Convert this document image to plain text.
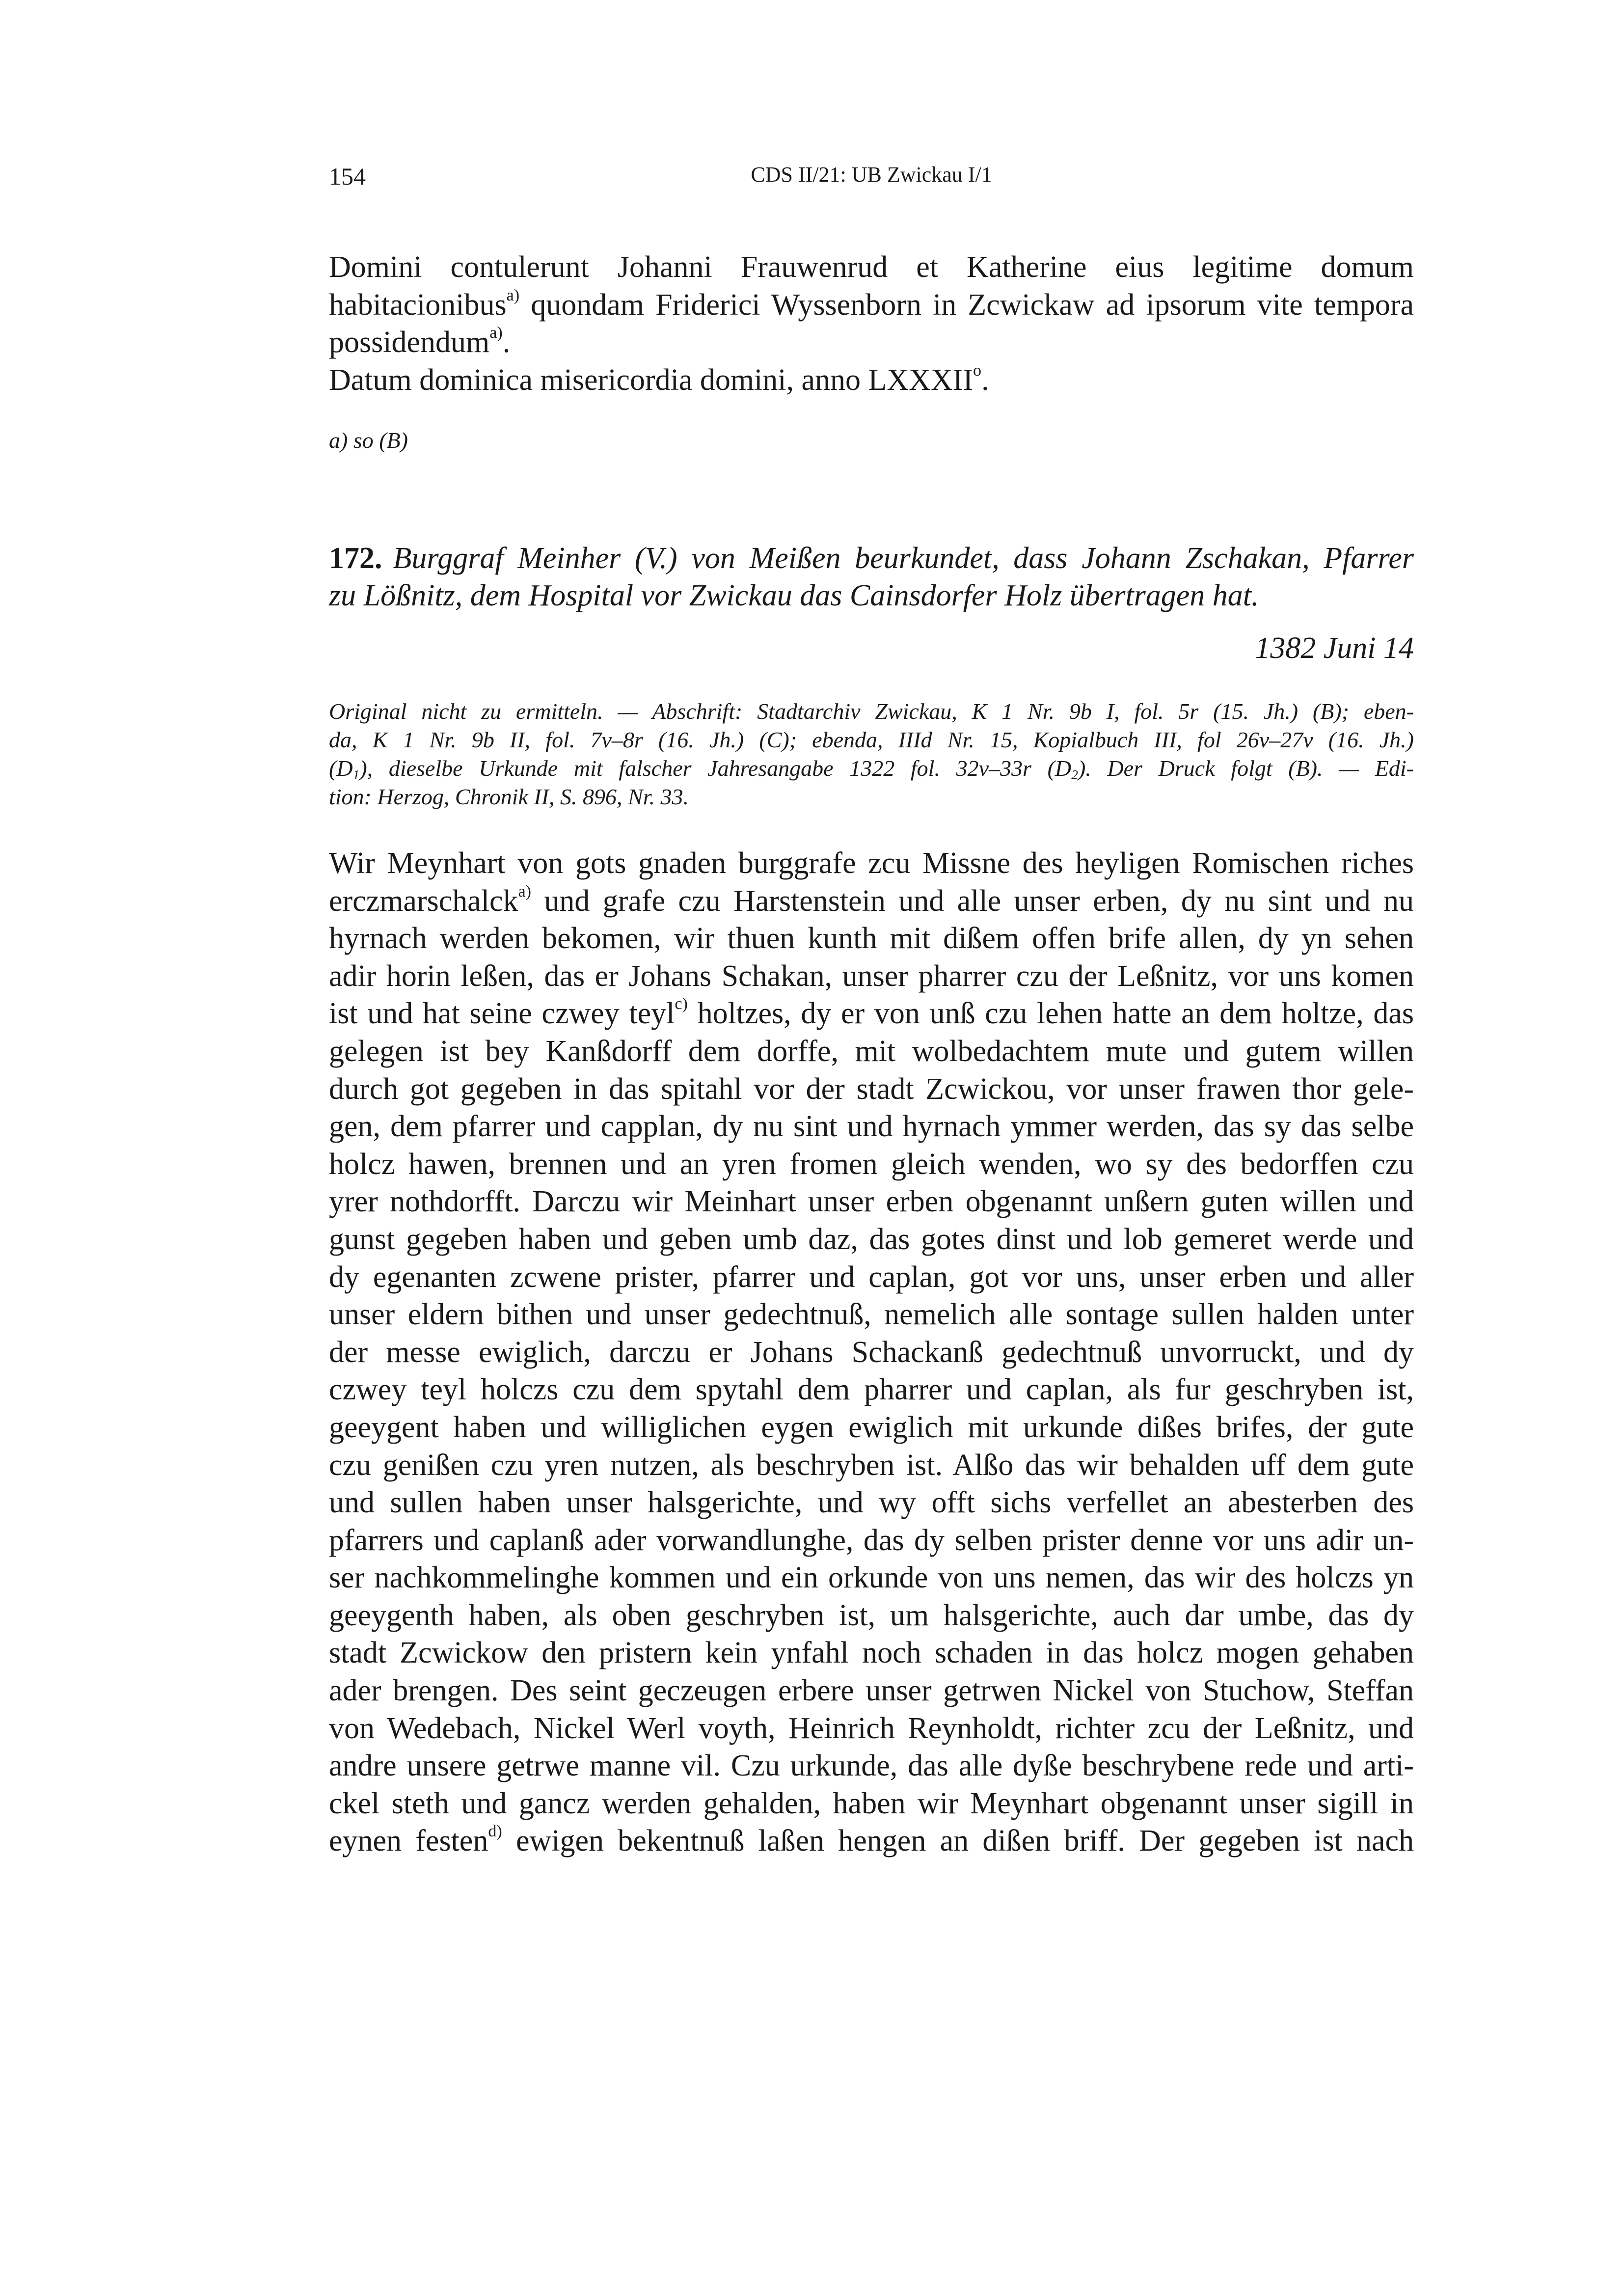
154	CDS II/21: UB Zwickau I/1
Domini contulerunt Johanni Frauwenrud et Katherine eius legitime domum
habitacionibus$^{a)}$ quondam Friderici Wyssenborn in Zcwickaw ad ipsorum vite tempora
possidendum$^{a)}$.
Datum dominica misericordia domini, anno LXXXII$^o$.
a) so (B)
172. Burggraf Meinher (V.) von Meißen beurkundet, dass Johann Zschakan, Pfarrer
zu Lößnitz, dem Hospital vor Zwickau das Cainsdorfer Holz übertragen hat.
1382 Juni 14
Original nicht zu ermitteln. — Abschrift: Stadtarchiv Zwickau, K 1 Nr. 9b I, fol. 5r (15. Jh.) (B); eben-
da, K 1 Nr. 9b II, fol. 7v–8r (16. Jh.) (C); ebenda, IIId Nr. 15, Kopialbuch III, fol 26v–27v (16. Jh.)
$(D_1)$, dieselbe Urkunde mit falscher Jahresangabe 1322 fol. 32v–33r $(D_2)$. Der Druck folgt (B). — Edi-
tion: Herzog, Chronik II, S. 896, Nr. 33.
Wir Meynhart von gots gnaden burggrafe zcu Missne des heyligen Romischen riches
erczmarschalck$^{a)}$ und grafe czu Harstenstein und alle unser erben, dy nu sint und nu
hyrnach werden bekomen, wir thuen kunth mit dißem offen brife allen, dy yn sehen
adir horin leßen, das er Johans Schakan, unser pharrer czu der Leßnitz, vor uns komen
ist und hat seine czwey teyl$^{c)}$ holtzes, dy er von unß czu lehen hatte an dem holtze, das
gelegen ist bey Kanßdorff dem dorffe, mit wolbedachtem mute und gutem willen
durch got gegeben in das spitahl vor der stadt Zcwickou, vor unser frawen thor gele-
gen, dem pfarrer und capplan, dy nu sint und hyrnach ymmer werden, das sy das selbe
holcz hawen, brennen und an yren fromen gleich wenden, wo sy des bedorffen czu
yrer nothdorfft. Darczu wir Meinhart unser erben obgenannt unßern guten willen und
gunst gegeben haben und geben umb daz, das gotes dinst und lob gemeret werde und
dy egenanten zcwene prister, pfarrer und caplan, got vor uns, unser erben und aller
unser eldern bithen und unser gedechtnuß, nemelich alle sontage sullen halden unter
der messe ewiglich, darczu er Johans Schackanß gedechtnuß unvorruckt, und dy
czwey teyl holczs czu dem spytahl dem pharrer und caplan, als fur geschryben ist,
geeygent haben und williglichen eygen ewiglich mit urkunde dißes brifes, der gute
czu genißen czu yren nutzen, als beschryben ist. Alßo das wir behalden uff dem gute
und sullen haben unser halsgerichte, und wy offt sichs verfellet an abesterben des
pfarrers und caplanß ader vorwandlunghe, das dy selben prister denne vor uns adir un-
ser nachkommelinghe kommen und ein orkunde von uns nemen, das wir des holczs yn
geeygenth haben, als oben geschryben ist, um halsgerichte, auch dar umbe, das dy
stadt Zcwickow den pristern kein ynfahl noch schaden in das holcz mogen gehaben
ader brengen. Des seint geczeugen erbere unser getrwen Nickel von Stuchow, Steffan
von Wedebach, Nickel Werl voyth, Heinrich Reynholdt, richter zcu der Leßnitz, und
andre unsere getrwe manne vil. Czu urkunde, das alle dyße beschrybene rede und arti-
ckel steth und gancz werden gehalden, haben wir Meynhart obgenannt unser sigill in
eynen festen$^{d)}$ ewigen bekentnuß laßen hengen an dißen briff. Der gegeben ist nach
